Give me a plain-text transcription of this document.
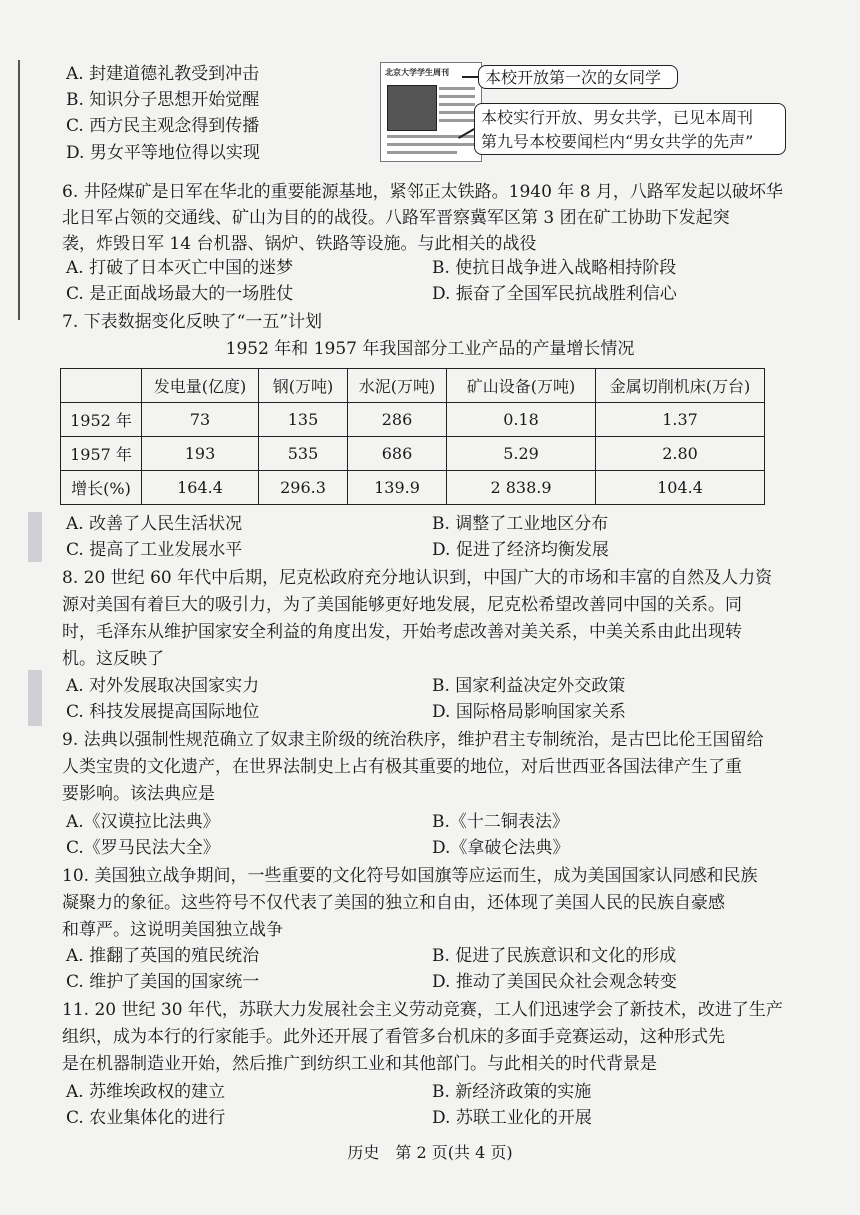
A. 封建道德礼教受到冲击
B. 知识分子思想开始觉醒
C. 西方民主观念得到传播
D. 男女平等地位得以实现
北京大学学生周刊	本校开放第一次的女同学
本校实行开放、男女共学，已见本周刊
第九号本校要闻栏内“男女共学的先声”
6. 井陉煤矿是日军在华北的重要能源基地，紧邻正太铁路。1940 年 8 月，八路军发起以破坏华
北日军占领的交通线、矿山为目的的战役。八路军晋察冀军区第 3 团在矿工协助下发起突
袭，炸毁日军 14 台机器、锅炉、铁路等设施。与此相关的战役
A. 打破了日本灭亡中国的迷梦	B. 使抗日战争进入战略相持阶段
C. 是正面战场最大的一场胜仗	D. 振奋了全国军民抗战胜利信心
7. 下表数据变化反映了“一五”计划
1952 年和 1957 年我国部分工业产品的产量增长情况
	发电量(亿度)	钢(万吨)	水泥(万吨)	矿山设备(万吨)	金属切削机床(万台)
1952 年	73	135	286	0.18	1.37
1957 年	193	535	686	5.29	2.80
增长(%)	164.4	296.3	139.9	2 838.9	104.4
A. 改善了人民生活状况	B. 调整了工业地区分布
C. 提高了工业发展水平	D. 促进了经济均衡发展
8. 20 世纪 60 年代中后期，尼克松政府充分地认识到，中国广大的市场和丰富的自然及人力资
源对美国有着巨大的吸引力，为了美国能够更好地发展，尼克松希望改善同中国的关系。同
时，毛泽东从维护国家安全利益的角度出发，开始考虑改善对美关系，中美关系由此出现转
机。这反映了
A. 对外发展取决国家实力	B. 国家利益决定外交政策
C. 科技发展提高国际地位	D. 国际格局影响国家关系
9. 法典以强制性规范确立了奴隶主阶级的统治秩序，维护君主专制统治，是古巴比伦王国留给
人类宝贵的文化遗产，在世界法制史上占有极其重要的地位，对后世西亚各国法律产生了重
要影响。该法典应是
A.《汉谟拉比法典》	B.《十二铜表法》
C.《罗马民法大全》	D.《拿破仑法典》
10. 美国独立战争期间，一些重要的文化符号如国旗等应运而生，成为美国国家认同感和民族
凝聚力的象征。这些符号不仅代表了美国的独立和自由，还体现了美国人民的民族自豪感
和尊严。这说明美国独立战争
A. 推翻了英国的殖民统治	B. 促进了民族意识和文化的形成
C. 维护了美国的国家统一	D. 推动了美国民众社会观念转变
11. 20 世纪 30 年代，苏联大力发展社会主义劳动竞赛，工人们迅速学会了新技术，改进了生产
组织，成为本行的行家能手。此外还开展了看管多台机床的多面手竞赛运动，这种形式先
是在机器制造业开始，然后推广到纺织工业和其他部门。与此相关的时代背景是
A. 苏维埃政权的建立	B. 新经济政策的实施
C. 农业集体化的进行	D. 苏联工业化的开展
历史　第 2 页(共 4 页)
